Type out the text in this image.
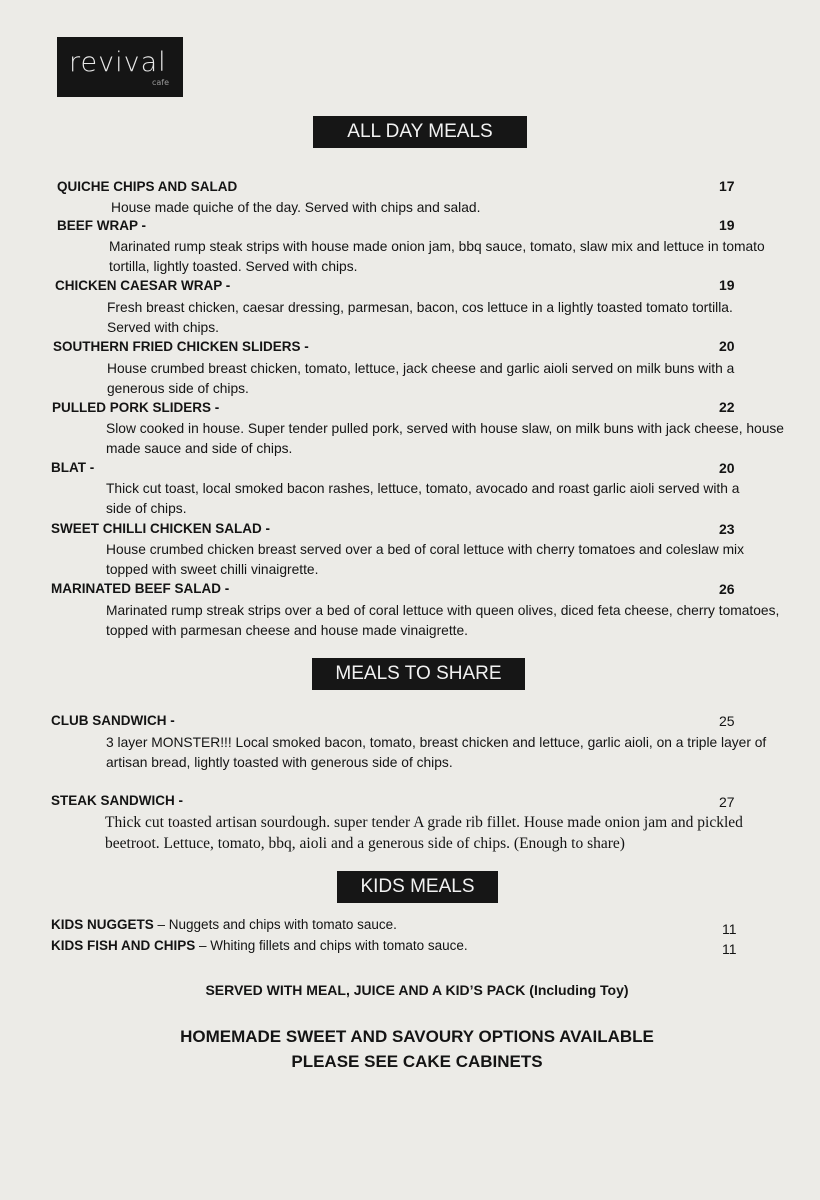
revival
cafe
ALL DAY MEALS
QUICHE CHIPS AND SALAD	17
House made quiche of the day. Served with chips and salad.
BEEF WRAP -	19
Marinated rump steak strips with house made onion jam, bbq sauce, tomato, slaw mix and lettuce in tomato tortilla, lightly toasted. Served with chips.
CHICKEN CAESAR WRAP -	19
Fresh breast chicken, caesar dressing, parmesan, bacon, cos lettuce in a lightly toasted tomato tortilla. Served with chips.
SOUTHERN FRIED CHICKEN SLIDERS -	20
House crumbed breast chicken, tomato, lettuce, jack cheese and garlic aioli served on milk buns with a generous side of chips.
PULLED PORK SLIDERS -	22
Slow cooked in house. Super tender pulled pork, served with house slaw, on milk buns with jack cheese, house made sauce and side of chips.
BLAT -	20
Thick cut toast, local smoked bacon rashes, lettuce, tomato, avocado and roast garlic aioli served with a side of chips.
SWEET CHILLI CHICKEN SALAD -	23
House crumbed chicken breast served over a bed of coral lettuce with cherry tomatoes and coleslaw mix topped with sweet chilli vinaigrette.
MARINATED BEEF SALAD -	26
Marinated rump streak strips over a bed of coral lettuce with queen olives, diced feta cheese, cherry tomatoes, topped with parmesan cheese and house made vinaigrette.
MEALS TO SHARE
CLUB SANDWICH -	25
3 layer MONSTER!!! Local smoked bacon, tomato, breast chicken and lettuce, garlic aioli, on a triple layer of artisan bread, lightly toasted with generous side of chips.
STEAK SANDWICH -	27
Thick cut toasted artisan sourdough. super tender A grade rib fillet. House made onion jam and pickled beetroot. Lettuce, tomato, bbq, aioli and a generous side of chips. (Enough to share)
KIDS MEALS
KIDS NUGGETS – Nuggets and chips with tomato sauce.	11
KIDS FISH AND CHIPS – Whiting fillets and chips with tomato sauce.	11
SERVED WITH MEAL, JUICE AND A KID’S PACK (Including Toy)
HOMEMADE SWEET AND SAVOURY OPTIONS AVAILABLE
PLEASE SEE CAKE CABINETS
